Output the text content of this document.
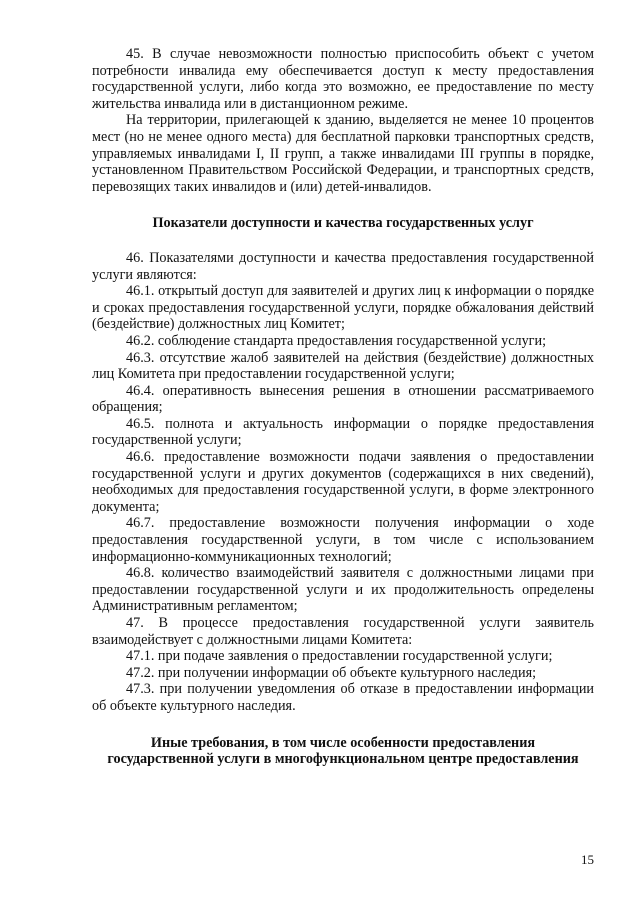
45. В случае невозможности полностью приспособить объект с учетом потребности инвалида ему обеспечивается доступ к месту предоставления государственной услуги, либо когда это возможно, ее предоставление по месту жительства инвалида или в дистанционном режиме.

На территории, прилегающей к зданию, выделяется не менее 10 процентов мест (но не менее одного места) для бесплатной парковки транспортных средств, управляемых инвалидами I, II групп, а также инвалидами III группы в порядке, установленном Правительством Российской Федерации, и транспортных средств, перевозящих таких инвалидов и (или) детей-инвалидов.

Показатели доступности и качества государственных услуг

46. Показателями доступности и качества предоставления государственной услуги являются:

46.1. открытый доступ для заявителей и других лиц к информации о порядке и сроках предоставления государственной услуги, порядке обжалования действий (бездействие) должностных лиц Комитет;

46.2. соблюдение стандарта предоставления государственной услуги;

46.3. отсутствие жалоб заявителей на действия (бездействие) должностных лиц Комитета при предоставлении государственной услуги;

46.4. оперативность вынесения решения в отношении рассматриваемого обращения;

46.5. полнота и актуальность информации о порядке предоставления государственной услуги;

46.6. предоставление возможности подачи заявления о предоставлении государственной услуги и других документов (содержащихся в них сведений), необходимых для предоставления государственной услуги, в форме электронного документа;

46.7. предоставление возможности получения информации о ходе предоставления государственной услуги, в том числе с использованием информационно-коммуникационных технологий;

46.8. количество взаимодействий заявителя с должностными лицами при предоставлении государственной услуги и их продолжительность определены Административным регламентом;

47. В процессе предоставления государственной услуги заявитель взаимодействует с должностными лицами Комитета:

47.1. при подаче заявления о предоставлении государственной услуги;

47.2. при получении информации об объекте культурного наследия;

47.3. при получении уведомления об отказе в предоставлении информации об объекте культурного наследия.

Иные требования, в том числе особенности предоставления

государственной услуги в многофункциональном центре предоставления

15
